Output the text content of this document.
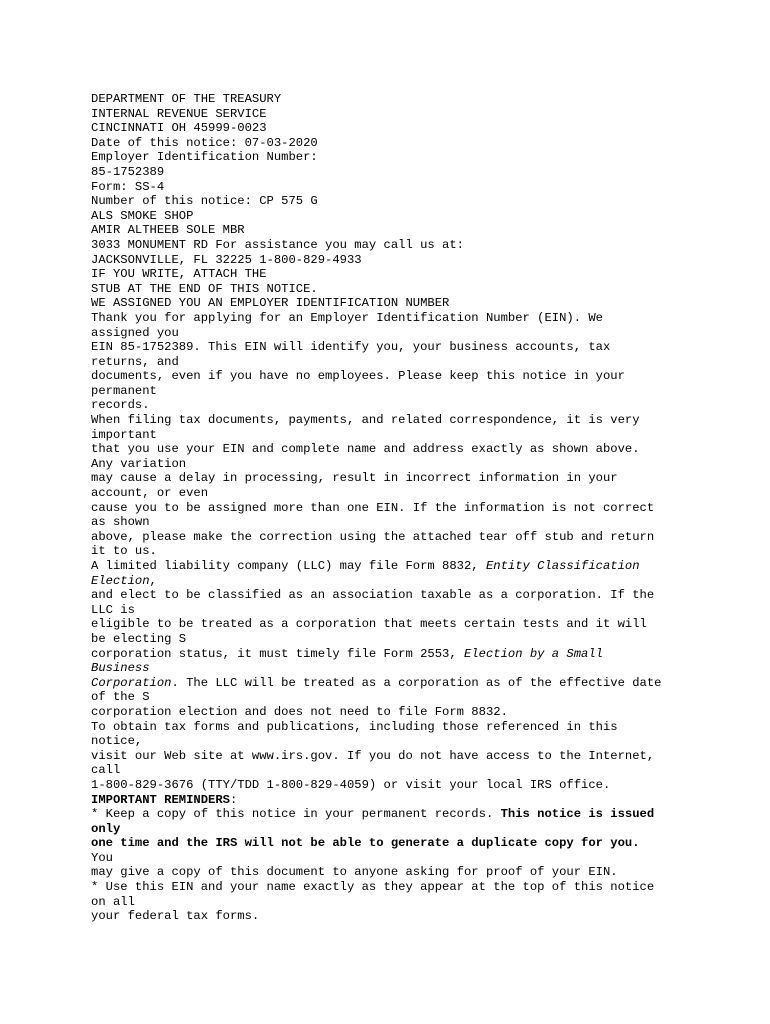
DEPARTMENT OF THE TREASURY
INTERNAL REVENUE SERVICE
CINCINNATI OH 45999-0023
Date of this notice: 07-03-2020
Employer Identification Number:
85-1752389
Form: SS-4
Number of this notice: CP 575 G
ALS SMOKE SHOP
AMIR ALTHEEB SOLE MBR
3033 MONUMENT RD For assistance you may call us at:
JACKSONVILLE, FL 32225 1-800-829-4933
IF YOU WRITE, ATTACH THE
STUB AT THE END OF THIS NOTICE.
WE ASSIGNED YOU AN EMPLOYER IDENTIFICATION NUMBER
Thank you for applying for an Employer Identification Number (EIN). We
assigned you
EIN 85-1752389. This EIN will identify you, your business accounts, tax
returns, and
documents, even if you have no employees. Please keep this notice in your
permanent
records.
When filing tax documents, payments, and related correspondence, it is very
important
that you use your EIN and complete name and address exactly as shown above.
Any variation
may cause a delay in processing, result in incorrect information in your
account, or even
cause you to be assigned more than one EIN. If the information is not correct
as shown
above, please make the correction using the attached tear off stub and return
it to us.
A limited liability company (LLC) may file Form 8832, Entity Classification
Election,
and elect to be classified as an association taxable as a corporation. If the
LLC is
eligible to be treated as a corporation that meets certain tests and it will
be electing S
corporation status, it must timely file Form 2553, Election by a Small
Business
Corporation. The LLC will be treated as a corporation as of the effective date
of the S
corporation election and does not need to file Form 8832.
To obtain tax forms and publications, including those referenced in this
notice,
visit our Web site at www.irs.gov. If you do not have access to the Internet,
call
1-800-829-3676 (TTY/TDD 1-800-829-4059) or visit your local IRS office.
IMPORTANT REMINDERS:
* Keep a copy of this notice in your permanent records. This notice is issued
only
one time and the IRS will not be able to generate a duplicate copy for you.
You
may give a copy of this document to anyone asking for proof of your EIN.
* Use this EIN and your name exactly as they appear at the top of this notice
on all
your federal tax forms.
